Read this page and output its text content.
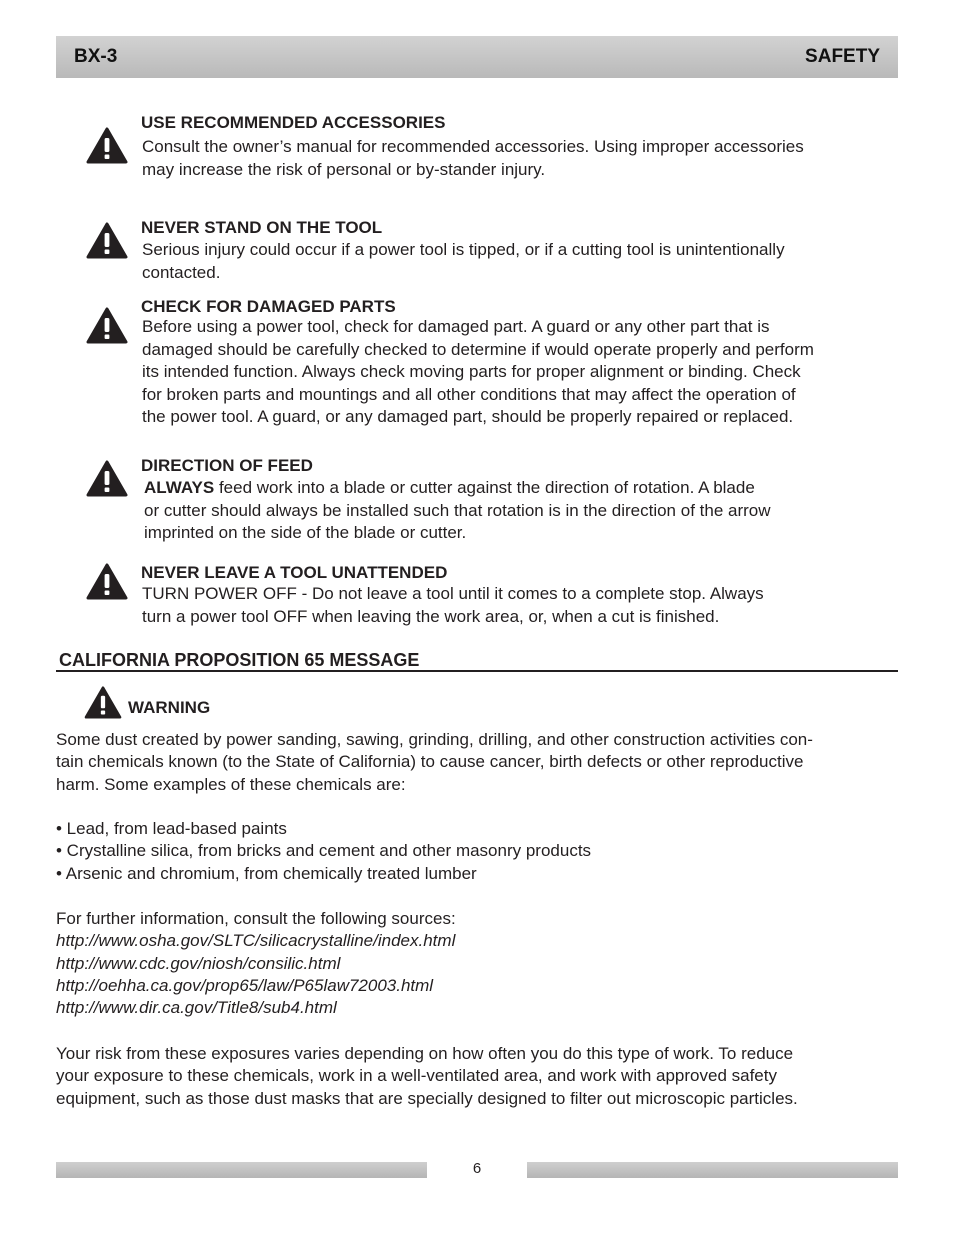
BX-3	SAFETY
USE RECOMMENDED ACCESSORIES

Consult the owner’s manual for recommended accessories. Using improper accessories

may increase the risk of personal or by-stander injury.

NEVER STAND ON THE TOOL

Serious injury could occur if a power tool is tipped, or if a cutting tool is unintentionally

contacted.

CHECK FOR DAMAGED PARTS

Before using a power tool, check for damaged part. A guard or any other part that is

damaged should be carefully checked to determine if would operate properly and perform

its intended function. Always check moving parts for proper alignment or binding. Check

for broken parts and mountings and all other conditions that may affect the operation of

the power tool. A guard, or any damaged part, should be properly repaired or replaced.

DIRECTION OF FEED

ALWAYS feed work into a blade or cutter against the direction of rotation. A blade

or cutter should always be installed such that rotation is in the direction of the arrow

imprinted on the side of the blade or cutter.

NEVER LEAVE A TOOL UNATTENDED

TURN POWER OFF - Do not leave a tool until it comes to a complete stop. Always

turn a power tool OFF when leaving the work area, or, when a cut is finished.

CALIFORNIA PROPOSITION 65 MESSAGE
WARNING
Some dust created by power sanding, sawing, grinding, drilling, and other construction activities con-
tain chemicals known (to the State of California) to cause cancer, birth defects or other reproductive
harm. Some examples of these chemicals are:
• Lead, from lead-based paints
• Crystalline silica, from bricks and cement and other masonry products
• Arsenic and chromium, from chemically treated lumber
For further information, consult the following sources:
http://www.osha.gov/SLTC/silicacrystalline/index.html
http://www.cdc.gov/niosh/consilic.html
http://oehha.ca.gov/prop65/law/P65law72003.html
http://www.dir.ca.gov/Title8/sub4.html
Your risk from these exposures varies depending on how often you do this type of work. To reduce
your exposure to these chemicals, work in a well-ventilated area, and work with approved safety
equipment, such as those dust masks that are specially designed to filter out microscopic particles.
6
